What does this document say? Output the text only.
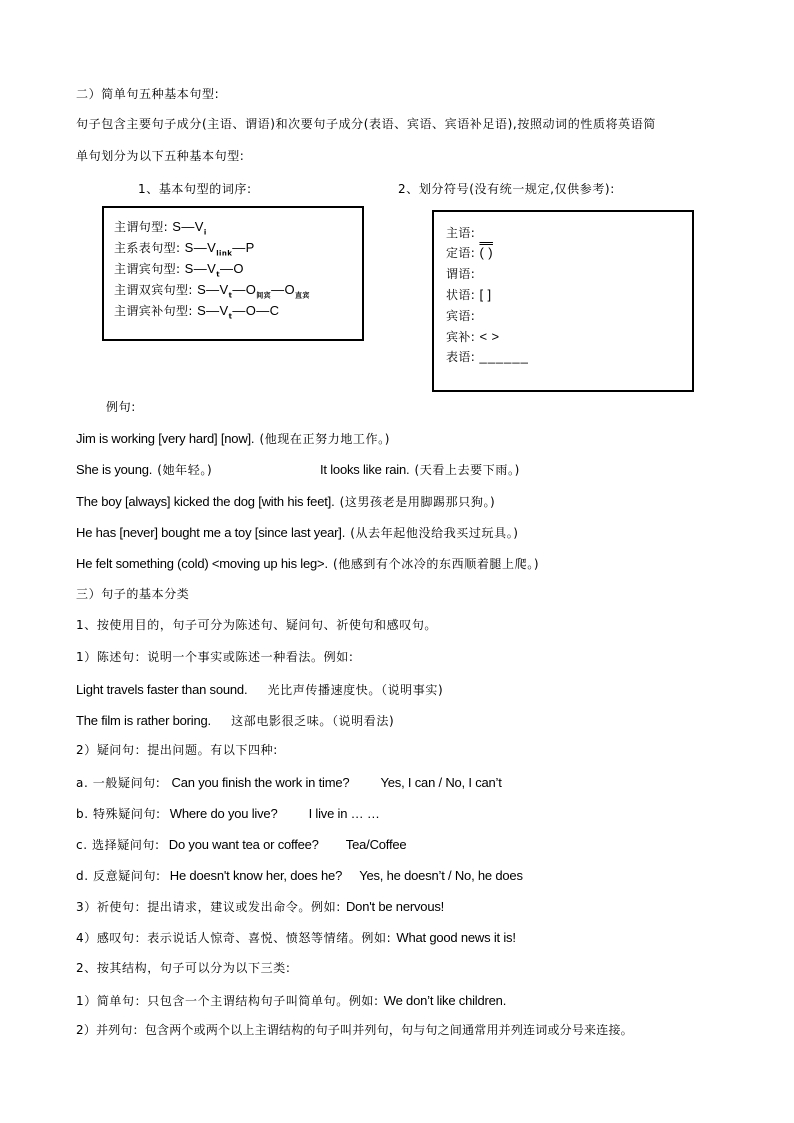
二）简单句五种基本句型:
句子包含主要句子成分(主语、谓语)和次要句子成分(表语、宾语、宾语补足语),按照动词的性质将英语简
单句划分为以下五种基本句型:
1、基本句型的词序:	2、划分符号(没有统一规定,仅供参考):
主谓句型: $S—V_i$
主系表句型: $S—V_{link}—P$
主谓宾句型: $S—V_t—O$
主谓双宾句型: $S—V_t—O_{间宾}—O_{直宾}$
主谓宾补句型: $S—V_t—O—C$
主语:
定语: ( )
谓语:
状语: [ ]
宾语:
宾补: < >
表语: ______
例句:
Jim is working [very hard] [now]. (他现在正努力地工作。)
She is young. (她年轻。)	It looks like rain. (天看上去要下雨。)
The boy [always] kicked the dog [with his feet]. (这男孩老是用脚踢那只狗。)
He has [never] bought me a toy [since last year]. (从去年起他没给我买过玩具。)
He felt something (cold) <moving up his leg>. (他感到有个冰冷的东西顺着腿上爬。)
三）句子的基本分类
1、按使用目的，句子可分为陈述句、疑问句、祈使句和感叹句。
1）陈述句：说明一个事实或陈述一种看法。例如:
Light travels faster than sound. 光比声传播速度快。（说明事实)
The film is rather boring. 这部电影很乏味。（说明看法)
2）疑问句：提出问题。有以下四种:
a. 一般疑问句: Can you finish the work in time? Yes, I can / No, I can’t
b. 特殊疑问句: Where do you live? I live in … …
c. 选择疑问句: Do you want tea or coffee? Tea/Coffee
d. 反意疑问句: He doesn't know her, does he? Yes, he doesn’t / No, he does
3）祈使句：提出请求，建议或发出命令。例如: Don't be nervous!
4）感叹句：表示说话人惊奇、喜悦、愤怒等情绪。例如: What good news it is!
2、按其结构，句子可以分为以下三类:
1）简单句：只包含一个主谓结构句子叫简单句。例如: We don’t like children.
2）并列句：包含两个或两个以上主谓结构的句子叫并列句，句与句之间通常用并列连词或分号来连接。
